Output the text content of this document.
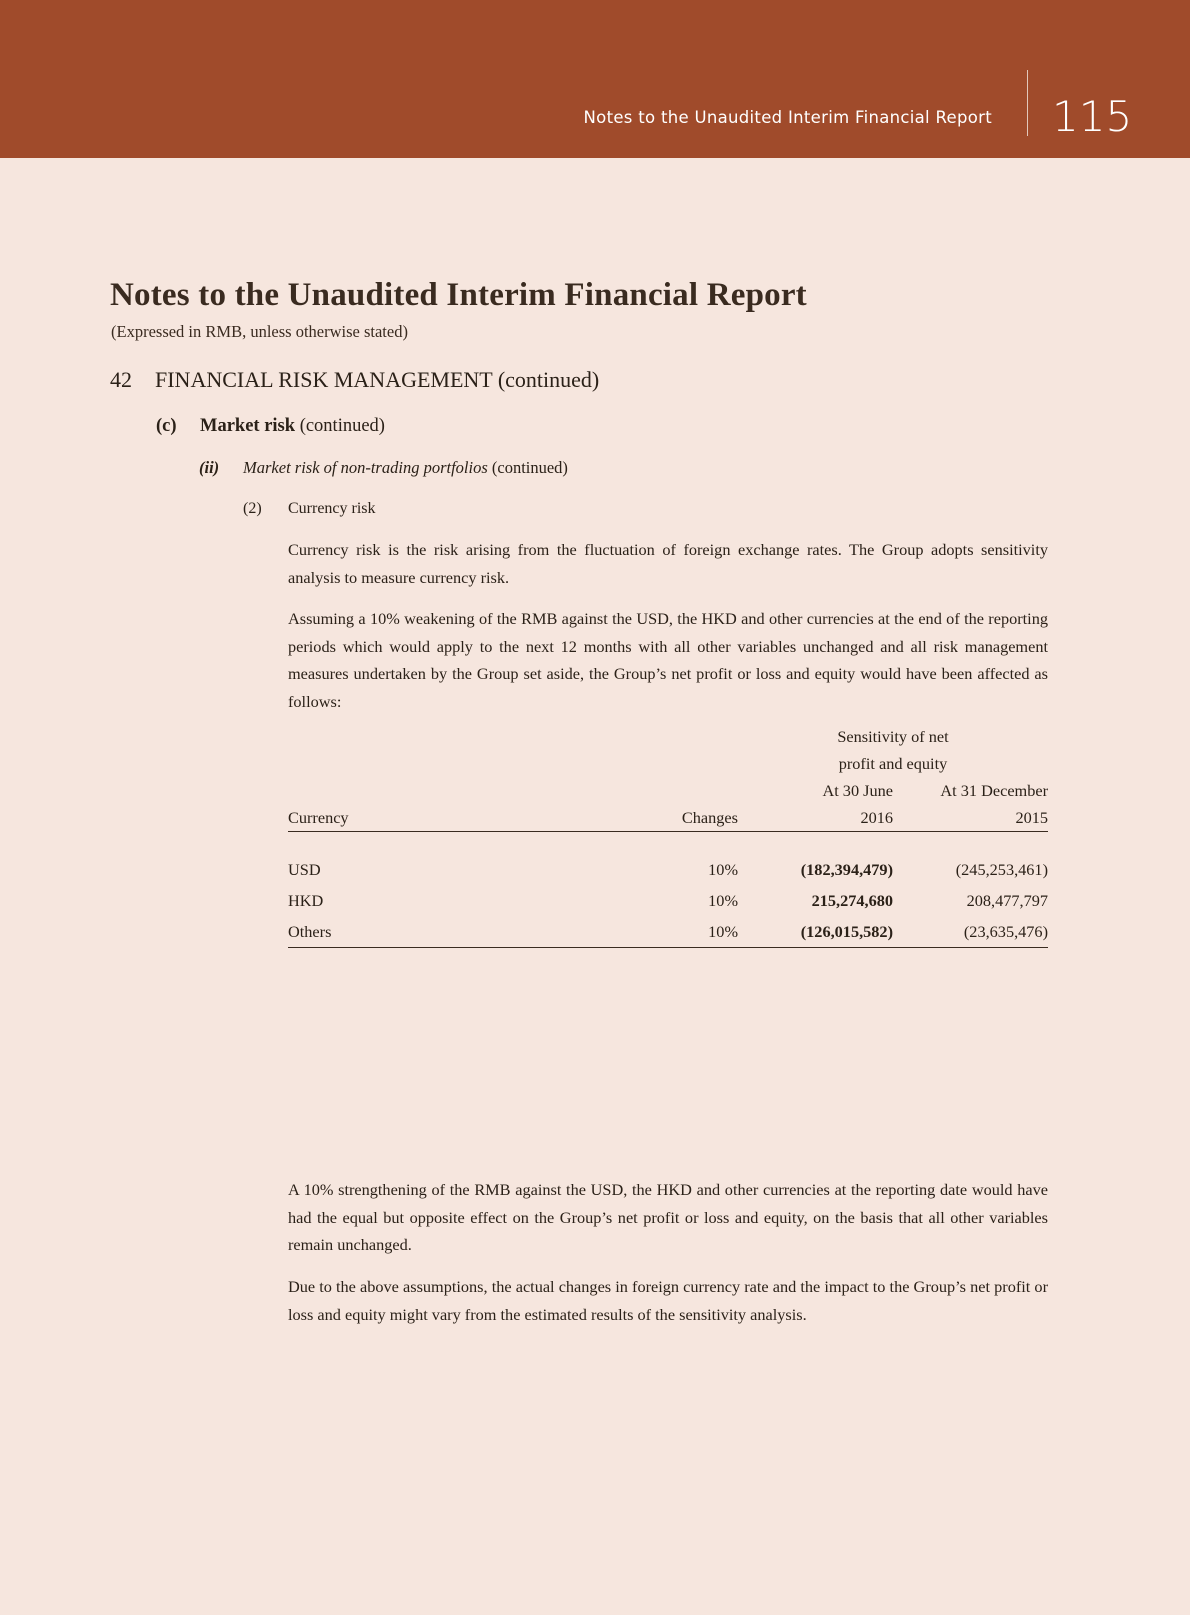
Notes to the Unaudited Interim Financial Report	115
Notes to the Unaudited Interim Financial Report
(Expressed in RMB, unless otherwise stated)
42 FINANCIAL RISK MANAGEMENT (continued)
(c) Market risk (continued)
(ii) Market risk of non-trading portfolios (continued)
(2) Currency risk
Currency risk is the risk arising from the fluctuation of foreign exchange rates. The Group adopts sensitivity analysis to measure currency risk.
Assuming a 10% weakening of the RMB against the USD, the HKD and other currencies at the end of the reporting periods which would apply to the next 12 months with all other variables unchanged and all risk management measures undertaken by the Group set aside, the Group’s net profit or loss and equity would have been affected as follows:
		Sensitivity of net	
		profit and equity	
		At 30 June	At 31 December
Currency	Changes	2016	2015

USD	10%	(182,394,479)	(245,253,461)
HKD	10%	215,274,680	208,477,797
Others	10%	(126,015,582)	(23,635,476)

A 10% strengthening of the RMB against the USD, the HKD and other currencies at the reporting date would have had the equal but opposite effect on the Group’s net profit or loss and equity, on the basis that all other variables remain unchanged.
Due to the above assumptions, the actual changes in foreign currency rate and the impact to the Group’s net profit or loss and equity might vary from the estimated results of the sensitivity analysis.
